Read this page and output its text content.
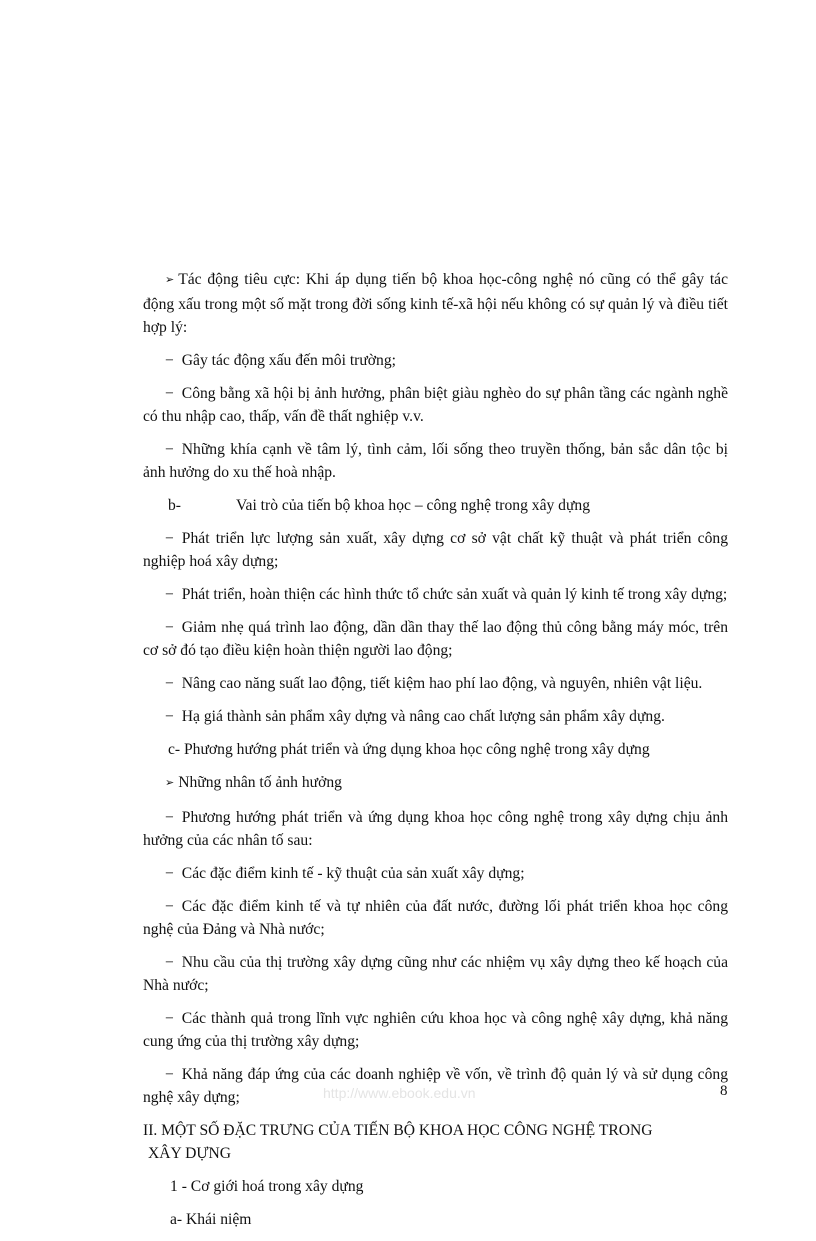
➢ Tác động tiêu cực: Khi áp dụng tiến bộ khoa học-công nghệ nó cũng có thể gây tác động xấu trong một số mặt trong đời sống kinh tế-xã hội nếu không có sự quản lý và điều tiết hợp lý:

− Gây tác động xấu đến môi trường;

− Công bằng xã hội bị ảnh hưởng, phân biệt giàu nghèo do sự phân tầng các ngành nghề có thu nhập cao, thấp, vấn đề thất nghiệp v.v.

− Những khía cạnh về tâm lý, tình cảm, lối sống theo truyền thống, bản sắc dân tộc bị ảnh hưởng do xu thế hoà nhập.

b-	Vai trò của tiến bộ khoa học – công nghệ trong xây dựng

− Phát triển lực lượng sản xuất, xây dựng cơ sở vật chất kỹ thuật và phát triển công nghiệp hoá xây dựng;

− Phát triển, hoàn thiện các hình thức tổ chức sản xuất và quản lý kinh tế trong xây dựng;

− Giảm nhẹ quá trình lao động, dần dần thay thế lao động thủ công bằng máy móc, trên cơ sở đó tạo điều kiện hoàn thiện người lao động;

− Nâng cao năng suất lao động, tiết kiệm hao phí lao động, và nguyên, nhiên vật liệu.

− Hạ giá thành sản phẩm xây dựng và nâng cao chất lượng sản phẩm xây dựng.

c- Phương hướng phát triển và ứng dụng khoa học công nghệ trong xây dựng

➢ Những nhân tố ảnh hưởng

− Phương hướng phát triển và ứng dụng khoa học công nghệ trong xây dựng chịu ảnh hưởng của các nhân tố sau:

− Các đặc điểm kinh tế - kỹ thuật của sản xuất xây dựng;

− Các đặc điểm kinh tế và tự nhiên của đất nước, đường lối phát triển khoa học công nghệ của Đảng và Nhà nước;

− Nhu cầu của thị trường xây dựng cũng như các nhiệm vụ xây dựng theo kế hoạch của Nhà nước;

− Các thành quả trong lĩnh vực nghiên cứu khoa học và công nghệ xây dựng, khả năng cung ứng của thị trường xây dựng;

− Khả năng đáp ứng của các doanh nghiệp về vốn, về trình độ quản lý và sử dụng công nghệ xây dựng;

II. MỘT SỐ ĐẶC TRƯNG CỦA TIẾN BỘ KHOA HỌC CÔNG NGHỆ TRONG

XÂY DỰNG

1 - Cơ giới hoá trong xây dựng

a- Khái niệm

http://www.ebook.edu.vn	8
